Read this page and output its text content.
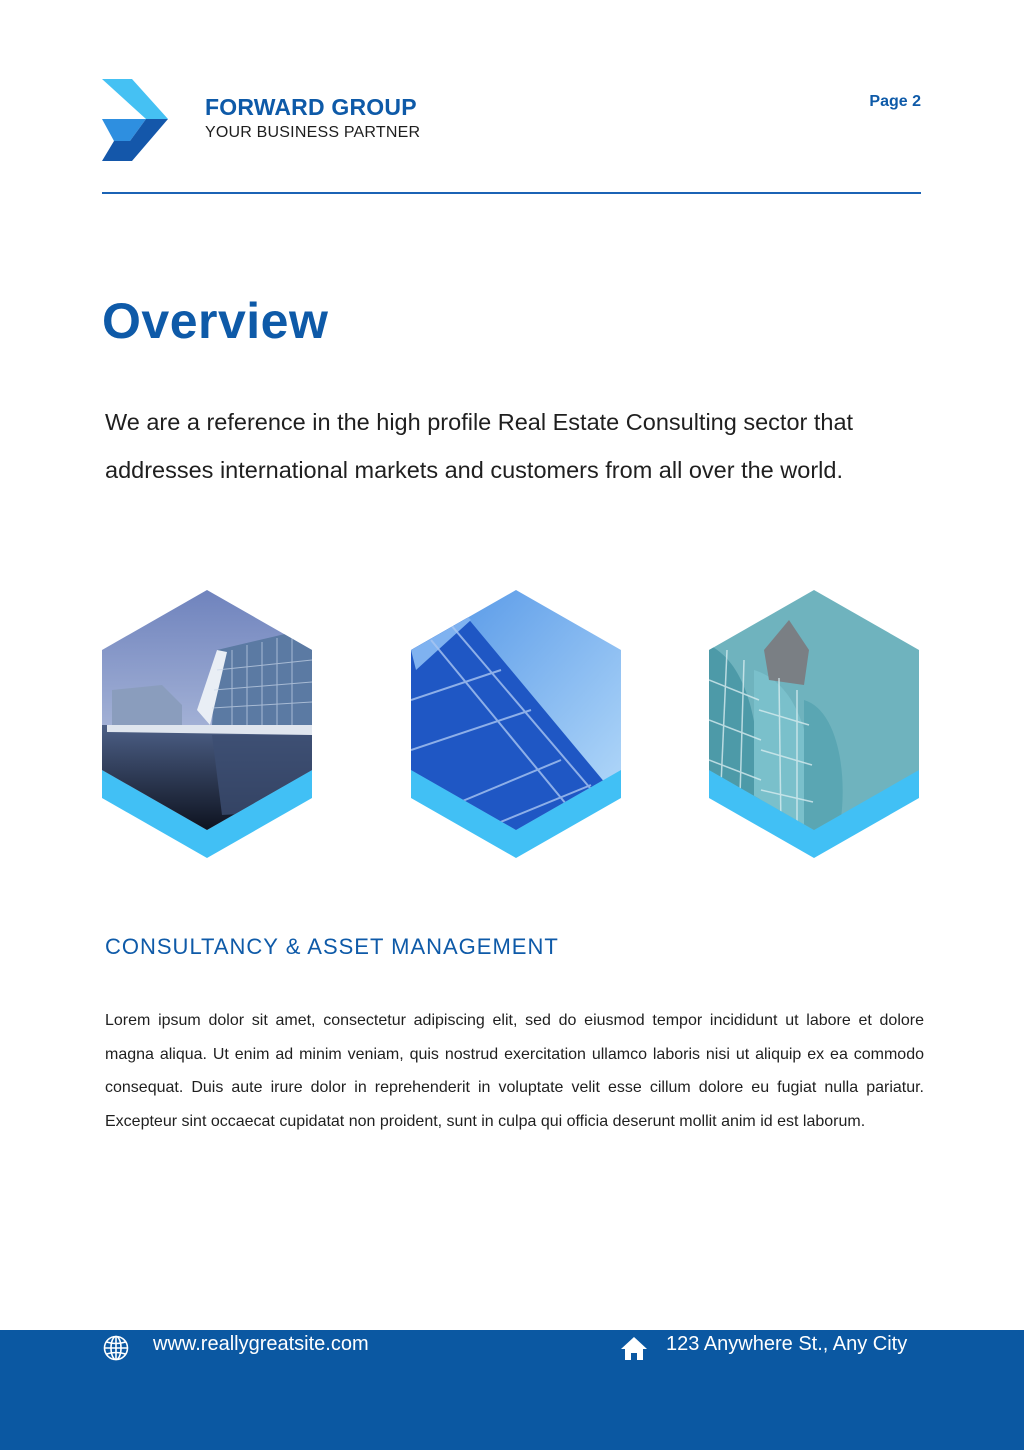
FORWARD GROUP
YOUR BUSINESS PARTNER
Page 2
Overview

We are a reference in the high profile Real Estate Consulting sector that addresses international markets and customers from all over the world.

CONSULTANCY & ASSET MANAGEMENT

Lorem ipsum dolor sit amet, consectetur adipiscing elit, sed do eiusmod tempor incididunt ut labore et dolore magna aliqua. Ut enim ad minim veniam, quis nostrud exercitation ullamco laboris nisi ut aliquip ex ea commodo consequat. Duis aute irure dolor in reprehenderit in voluptate velit esse cillum dolore eu fugiat nulla pariatur. Excepteur sint occaecat cupidatat non proident, sunt in culpa qui officia deserunt mollit anim id est laborum.

www.reallygreatsite.com	123 Anywhere St., Any City
